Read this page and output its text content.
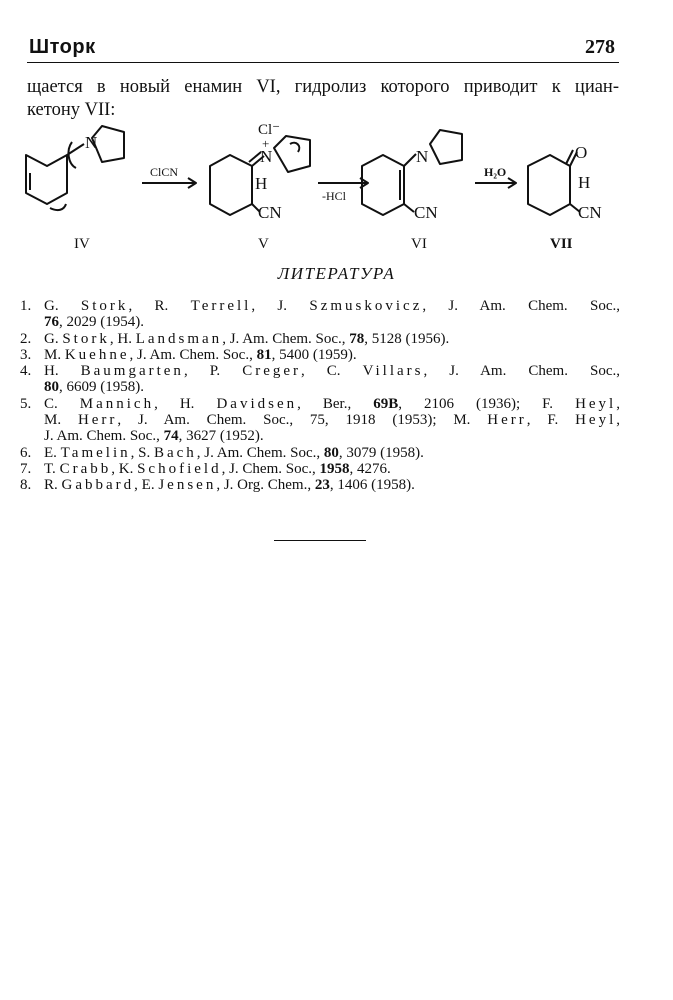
Шторк	278
щается в новый енамин VI, гидролиз которого приводит к циан-
кетону VII:
N
Cl⁻
+
N
H
CN
N
CN
O
H
CN
ClCN
-HCl
H₂O
IV	V	VI	VII
ЛИТЕРАТУРА
1. G. Stork, R. Terrell, J. Szmuskovicz, J. Am. Chem. Soc.,
76, 2029 (1954).
2. G. Stork, H. Landsman, J. Am. Chem. Soc., 78, 5128 (1956).
3. M. Kuehne, J. Am. Chem. Soc., 81, 5400 (1959).
4. H. Baumgarten, P. Creger, C. Villars, J. Am. Chem. Soc.,
80, 6609 (1958).
5. C. Mannich, H. Davidsen, Ber., 69B, 2106 (1936); F. Heyl,
M. Herr, J. Am. Chem. Soc., 75, 1918 (1953); M. Herr, F. Heyl,
J. Am. Chem. Soc., 74, 3627 (1952).
6. E. Tamelin, S. Bach, J. Am. Chem. Soc., 80, 3079 (1958).
7. T. Crabb, K. Schofield, J. Chem. Soc., 1958, 4276.
8. R. Gabbard, E. Jensen, J. Org. Chem., 23, 1406 (1958).
